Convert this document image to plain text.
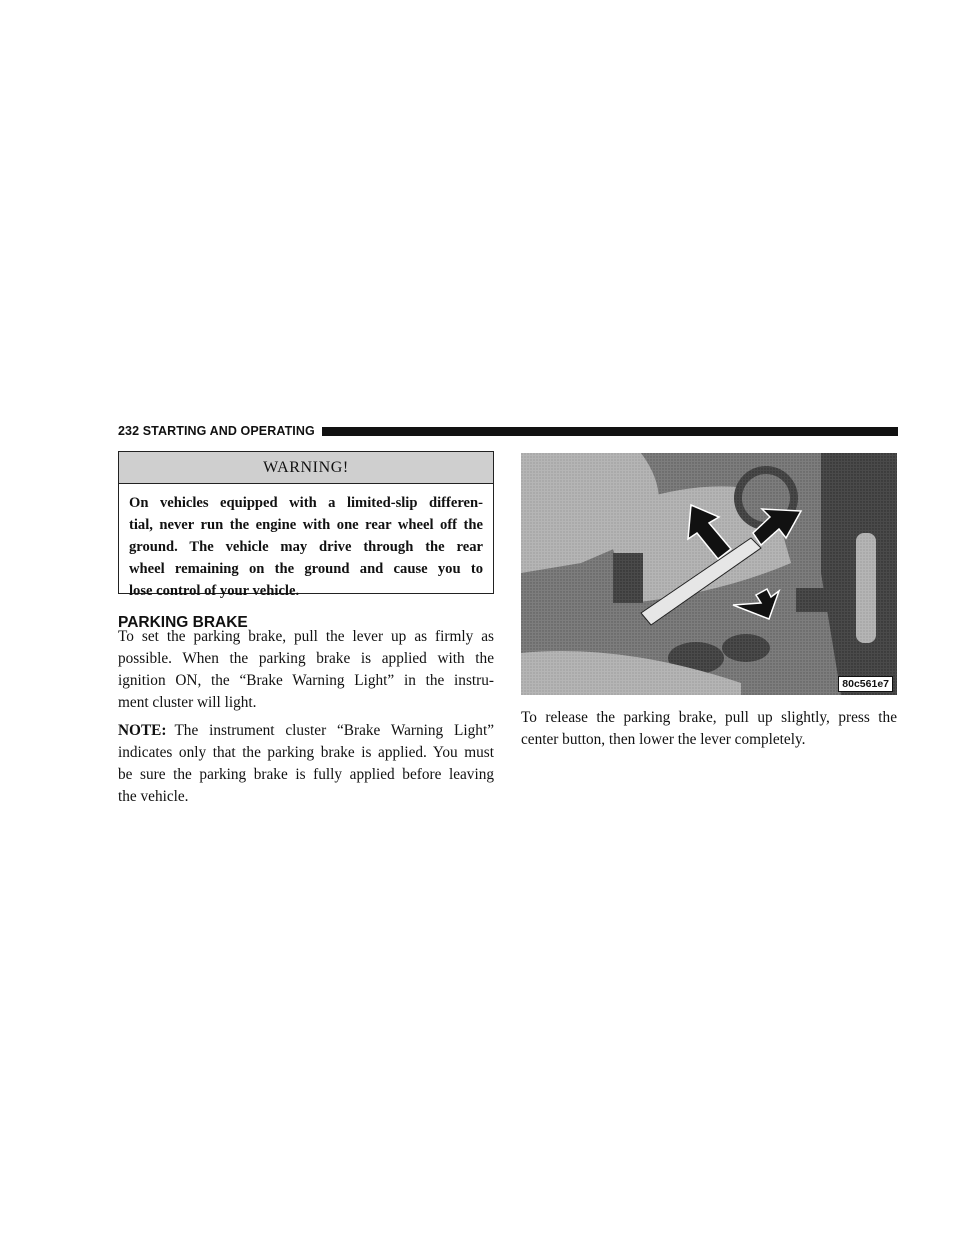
232 STARTING AND OPERATING
WARNING!
On vehicles equipped with a limited-slip differen-
tial, never run the engine with one rear wheel off the
ground. The vehicle may drive through the rear
wheel remaining on the ground and cause you to
lose control of your vehicle.
PARKING BRAKE
To set the parking brake, pull the lever up as firmly as
possible. When the parking brake is applied with the
ignition ON, the “Brake Warning Light” in the instru-
ment cluster will light.
NOTE: The instrument cluster “Brake Warning Light”
indicates only that the parking brake is applied. You must
be sure the parking brake is fully applied before leaving
the vehicle.
80c561e7
To release the parking brake, pull up slightly, press the
center button, then lower the lever completely.
